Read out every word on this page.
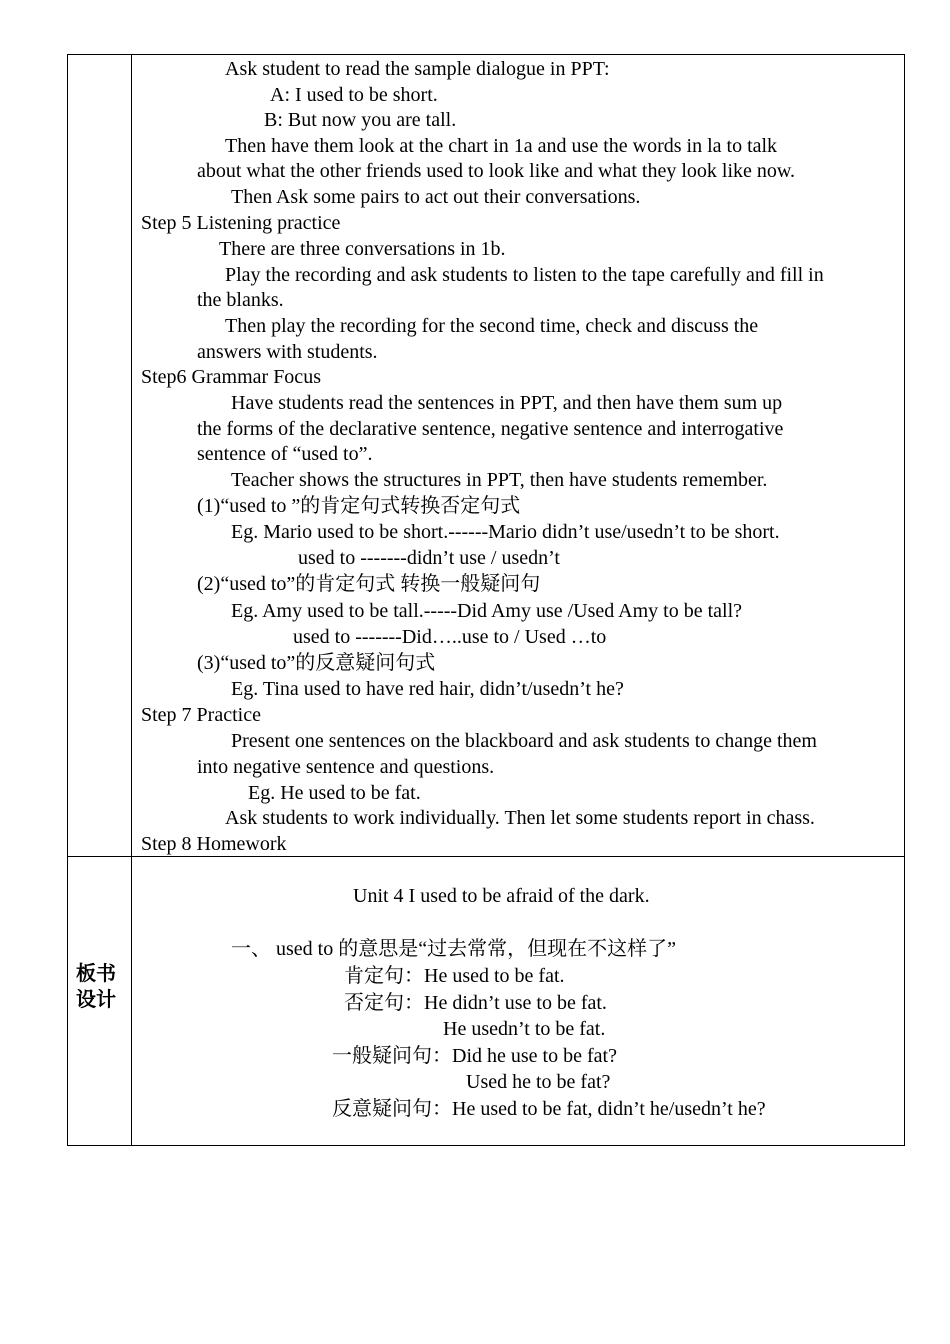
Ask student to read the sample dialogue in PPT:
A: I used to be short.
B: But now you are tall.
Then have them look at the chart in 1a and use the words in la to talk
about what the other friends used to look like and what they look like now.
Then Ask some pairs to act out their conversations.
Step 5 Listening practice
There are three conversations in 1b.
Play the recording and ask students to listen to the tape carefully and fill in
the blanks.
Then play the recording for the second time, check and discuss the
answers with students.
Step6 Grammar Focus
Have students read the sentences in PPT, and then have them sum up
the forms of the declarative sentence, negative sentence and interrogative
sentence of “used to”.
Teacher shows the structures in PPT, then have students remember.
(1)“used to ”的肯定句式转换否定句式
Eg. Mario used to be short.------Mario didn’t use/usedn’t to be short.
used to -------didn’t use / usedn’t
(2)“used to”的肯定句式 转换一般疑问句
Eg. Amy used to be tall.-----Did Amy use /Used Amy to be tall?
used to -------Did…..use to / Used …to
(3)“used to”的反意疑问句式
Eg. Tina used to have red hair, didn’t/usedn’t he?
Step 7 Practice
Present one sentences on the blackboard and ask students to change them
into negative sentence and questions.
Eg. He used to be fat.
Ask students to work individually. Then let some students report in chass.
Step 8 Homework
板书
设计
Unit 4 I used to be afraid of the dark.
一、 used to 的意思是“过去常常，但现在不这样了”
肯定句：He used to be fat.
否定句：He didn’t use to be fat.
He usedn’t to be fat.
一般疑问句：Did he use to be fat?
Used he to be fat?
反意疑问句：He used to be fat, didn’t he/usedn’t he?
